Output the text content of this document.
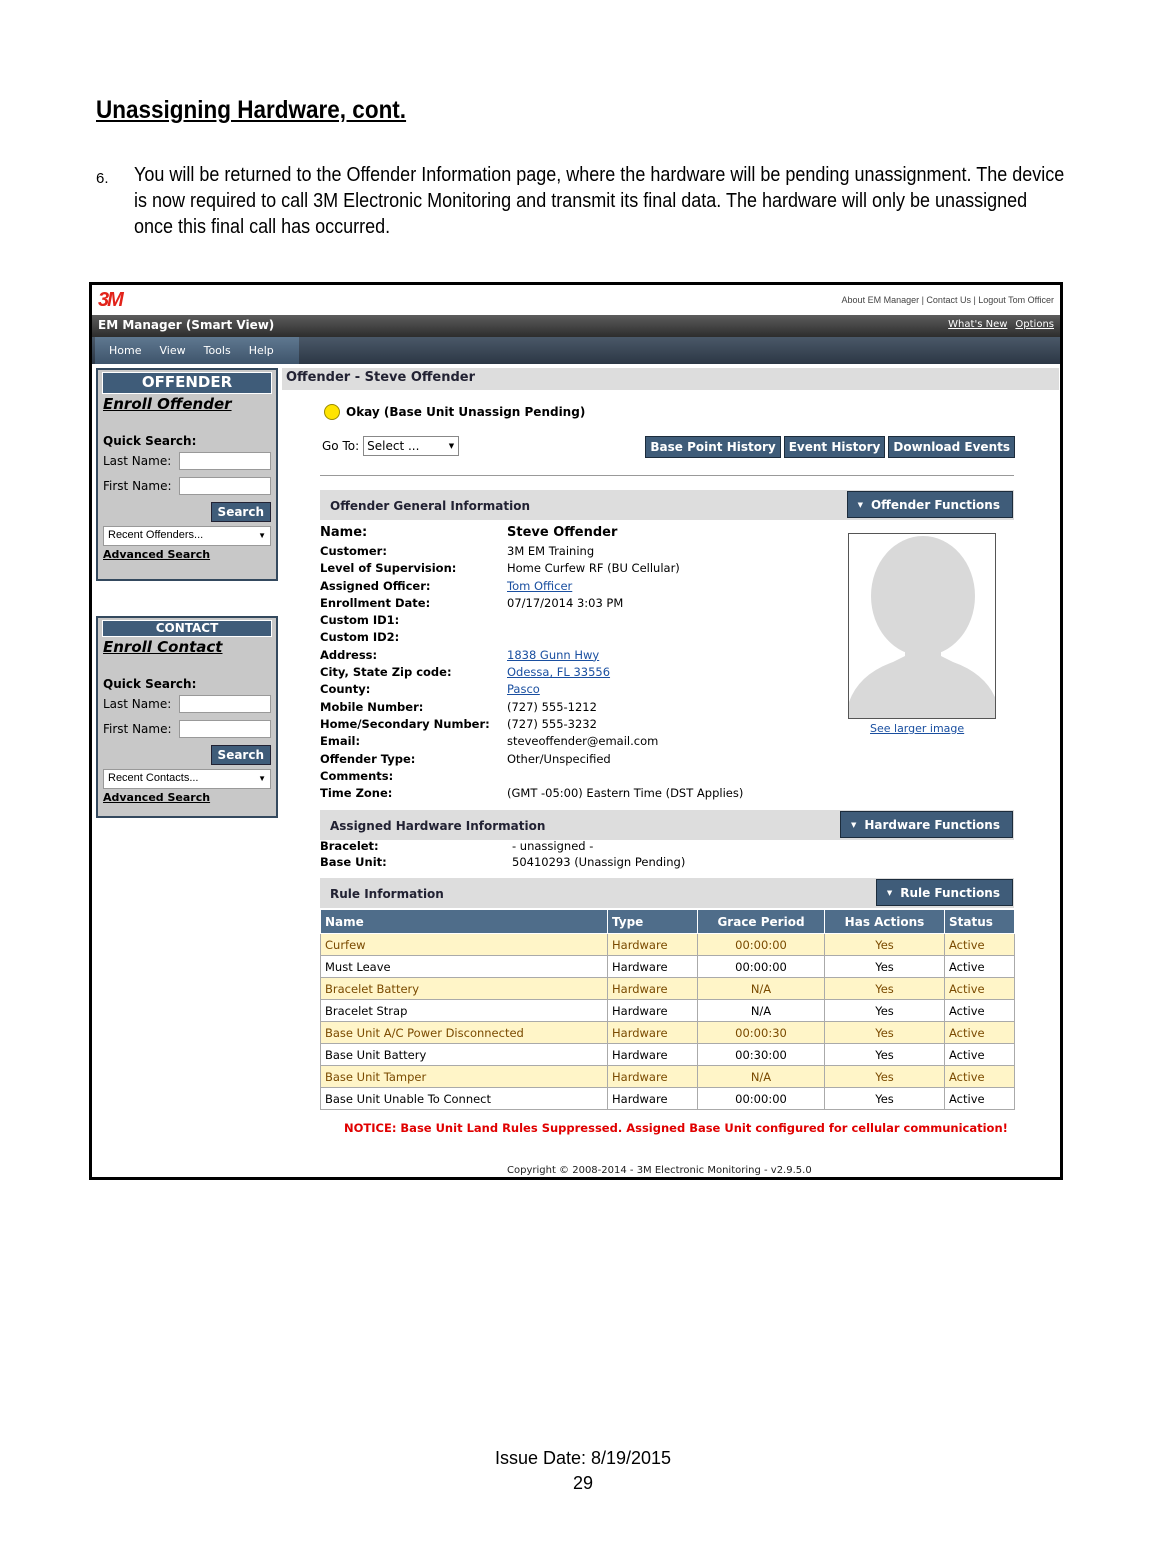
Unassigning Hardware, cont.
6. You will be returned to the Offender Information page, where the hardware will be pending unassignment. The device is now required to call 3M Electronic Monitoring and transmit its final data. The hardware will only be unassigned once this final call has occurred.
3M	About EM Manager | Contact Us | Logout Tom Officer
EM Manager (Smart View)	What's New Options
Home View Tools Help
OFFENDER
Enroll Offender
Quick Search:
Last Name:
First Name:
Search
Recent Offenders... ▼
Advanced Search
CONTACT
Enroll Contact
Quick Search:
Last Name:
First Name:
Search
Recent Contacts... ▼
Advanced Search
Offender - Steve Offender
Okay (Base Unit Unassign Pending)
Go To: Select ... ▼	Base Point History	Event History	Download Events
Offender General Information	▼ Offender Functions
Name:	Steve Offender
Customer:	3M EM Training
Level of Supervision:	Home Curfew RF (BU Cellular)
Assigned Officer:	Tom Officer
Enrollment Date:	07/17/2014 3:03 PM
Custom ID1:
Custom ID2:
Address:	1838 Gunn Hwy
City, State Zip code:	Odessa, FL 33556
County:	Pasco
Mobile Number:	(727) 555-1212
Home/Secondary Number: (727) 555-3232
Email:	steveoffender@email.com
Offender Type:	Other/Unspecified
Comments:
Time Zone:	(GMT -05:00) Eastern Time (DST Applies)
See larger image
Assigned Hardware Information	▼ Hardware Functions
Bracelet:	- unassigned -
Base Unit:	50410293 (Unassign Pending)
Rule Information	▼ Rule Functions
Name	Type	Grace Period	Has Actions	Status
Curfew	Hardware	00:00:00	Yes	Active
Must Leave	Hardware	00:00:00	Yes	Active
Bracelet Battery	Hardware	N/A	Yes	Active
Bracelet Strap	Hardware	N/A	Yes	Active
Base Unit A/C Power Disconnected	Hardware	00:00:30	Yes	Active
Base Unit Battery	Hardware	00:30:00	Yes	Active
Base Unit Tamper	Hardware	N/A	Yes	Active
Base Unit Unable To Connect	Hardware	00:00:00	Yes	Active
NOTICE: Base Unit Land Rules Suppressed. Assigned Base Unit configured for cellular communication!
Copyright © 2008-2014 - 3M Electronic Monitoring - v2.9.5.0
Issue Date: 8/19/2015
29
